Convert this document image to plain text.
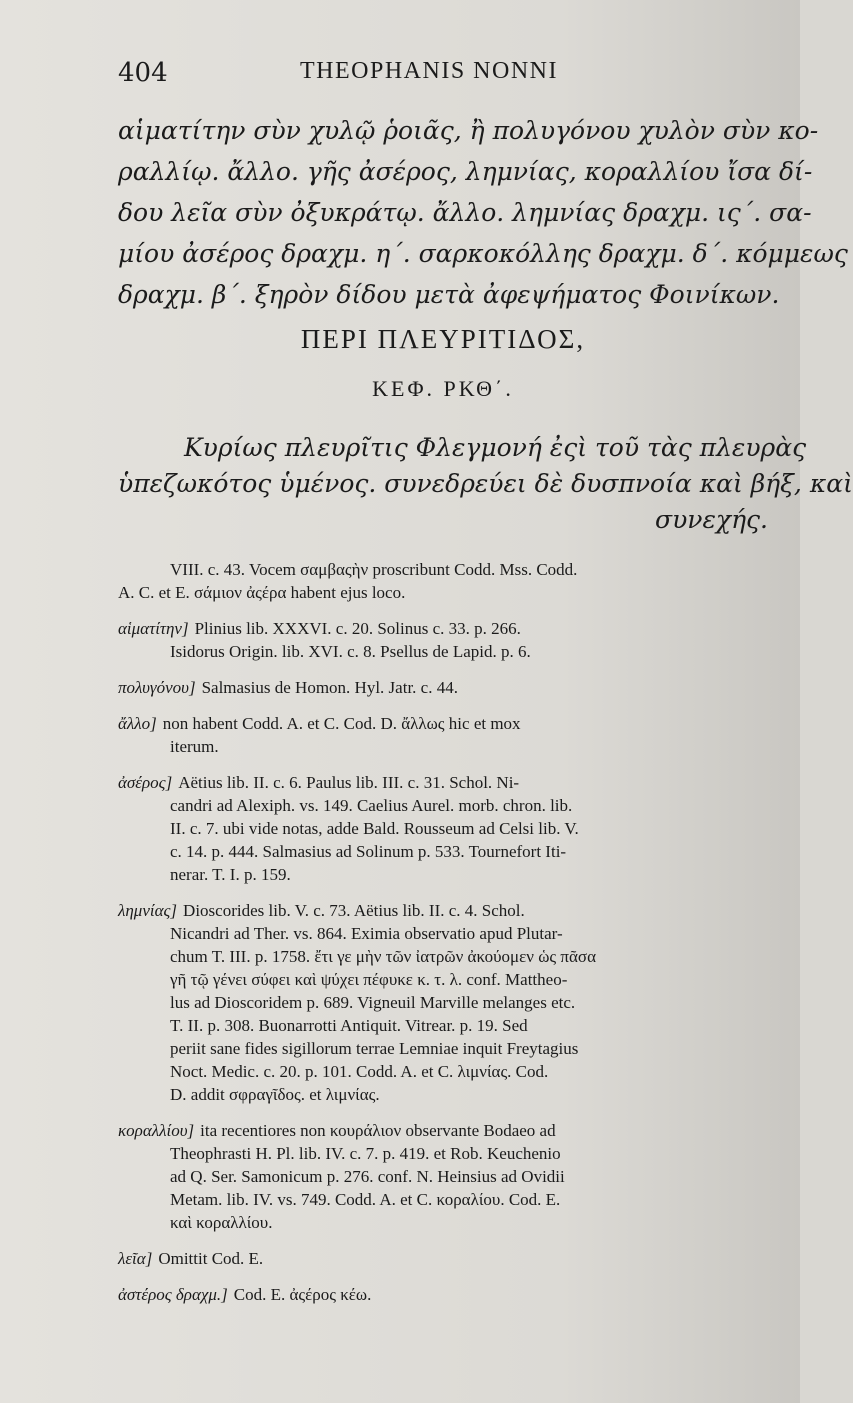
404	THEOPHANIS NONNI
αἱματίτην σὺν χυλῷ ῥοιᾶς, ἢ πολυγόνου χυλὸν σὺν κο-
ραλλίῳ. ἄλλο. γῆς ἀσέρος, λημνίας, κοραλλίου ἴσα δί-
δου λεῖα σὺν ὀξυκράτῳ. ἄλλο. λημνίας δραχμ. ις΄. σα-
μίου ἀσέρος δραχμ. η΄. σαρκοκόλλης δραχμ. δ΄. κόμμεως
δραχμ. β΄. ξηρὸν δίδου μετὰ ἀφεψήματος Φοινίκων.
ΠΕΡΙ ΠΛΕΥΡΙΤΙΔΟΣ,
ΚΕΦ. ΡΚΘ΄.
Κυρίως πλευρῖτις Φλεγμονή ἐςὶ τοῦ τὰς πλευρὰς
ὑπεζωκότος ὑμένος. συνεδρεύει δὲ δυσπνοία καὶ βήξ, καὶ
συνεχής.
VIII. c. 43. Vocem σαμβαςὴν proscribunt Codd. Mss. Codd.
A. C. et E. σάμιον ἀςέρα habent ejus loco.
αἱματίτην] Plinius lib. XXXVI. c. 20. Solinus c. 33. p. 266.
Isidorus Origin. lib. XVI. c. 8. Psellus de Lapid. p. 6.
πολυγόνου] Salmasius de Homon. Hyl. Jatr. c. 44.
ἄλλο] non habent Codd. A. et C. Cod. D. ἄλλως hic et mox
iterum.
ἀσέρος] Aëtius lib. II. c. 6. Paulus lib. III. c. 31. Schol. Ni-
candri ad Alexiph. vs. 149. Caelius Aurel. morb. chron. lib.
II. c. 7. ubi vide notas, adde Bald. Rousseum ad Celsi lib. V.
c. 14. p. 444. Salmasius ad Solinum p. 533. Tournefort Iti-
nerar. T. I. p. 159.
λημνίας] Dioscorides lib. V. c. 73. Aëtius lib. II. c. 4. Schol.
Nicandri ad Ther. vs. 864. Eximia observatio apud Plutar-
chum T. III. p. 1758. ἔτι γε μὴν τῶν ἰατρῶν ἀκούομεν ὡς πᾶσα
γῆ τῷ γένει σύφει καὶ ψύχει πέφυκε κ. τ. λ. conf. Mattheo-
lus ad Dioscoridem p. 689. Vigneuil Marville melanges etc.
T. II. p. 308. Buonarrotti Antiquit. Vitrear. p. 19. Sed
periit sane fides sigillorum terrae Lemniae inquit Freytagius
Noct. Medic. c. 20. p. 101. Codd. A. et C. λιμνίας. Cod.
D. addit σφραγῖδος. et λιμνίας.
κοραλλίου] ita recentiores non κουράλιον observante Bodaeo ad
Theophrasti H. Pl. lib. IV. c. 7. p. 419. et Rob. Keuchenio
ad Q. Ser. Samonicum p. 276. conf. N. Heinsius ad Ovidii
Metam. lib. IV. vs. 749. Codd. A. et C. κοραλίου. Cod. E.
καὶ κοραλλίου.
λεῖα] Omittit Cod. E.
ἀστέρος δραχμ.] Cod. E. ἀςέρος κέω.
